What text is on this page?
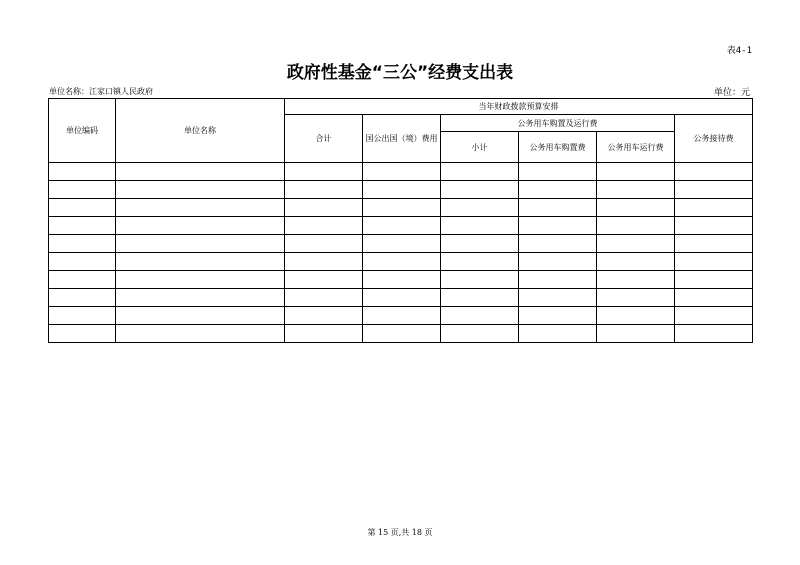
表4-1
政府性基金“三公”经费支出表
单位名称：江家口镇人民政府	单位：元
单位编码	单位名称	当年财政拨款预算安排					
		合计	国公出国（境）费用	公务用车购置及运行费			公务接待费
				小计	公务用车购置费	公务用车运行费	

第 15 页,共 18 页
